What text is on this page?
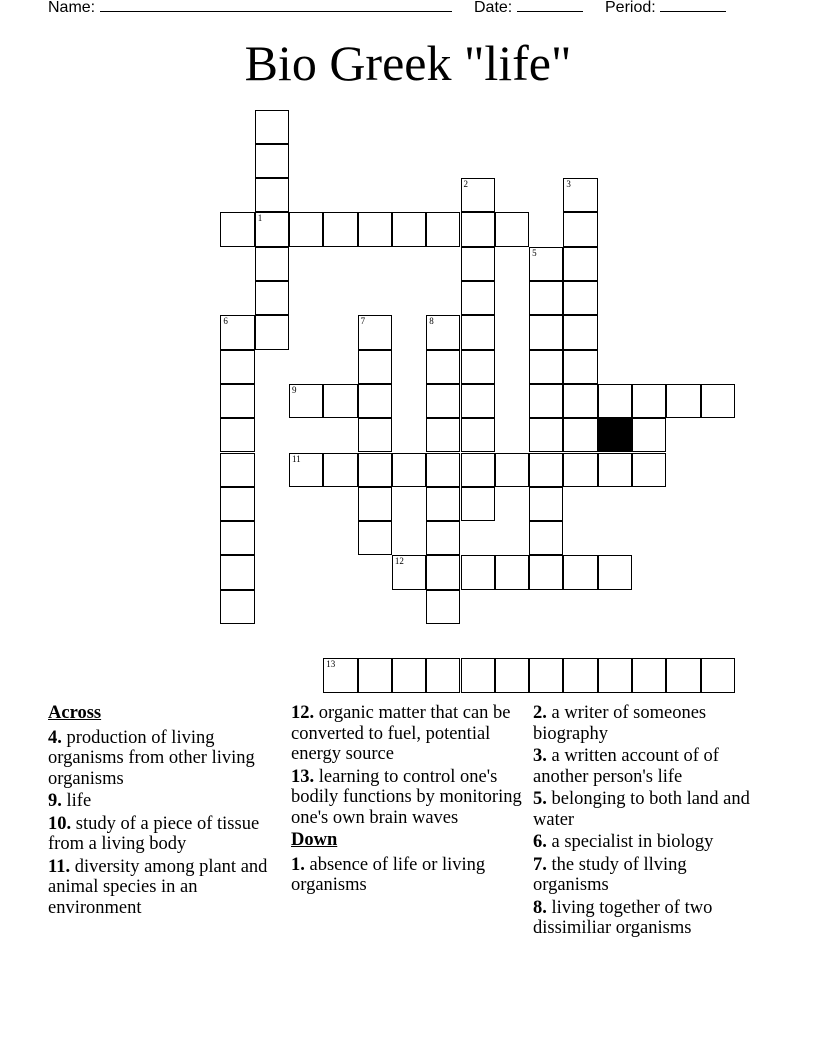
Name:	Date:	Period:
Bio Greek "life"
1
2	3
5
6	7	8
9
11
12
13
Across
4. production of living organisms from other living organisms
9. life
10. study of a piece of tissue from a living body
11. diversity among plant and animal species in an environment
12. organic matter that can be converted to fuel, potential energy source
13. learning to control one's bodily functions by monitoring one's own brain waves
Down
1. absence of life or living organisms
2. a writer of someones biography
3. a written account of of another person's life
5. belonging to both land and water
6. a specialist in biology
7. the study of llving organisms
8. living together of two dissimiliar organisms
